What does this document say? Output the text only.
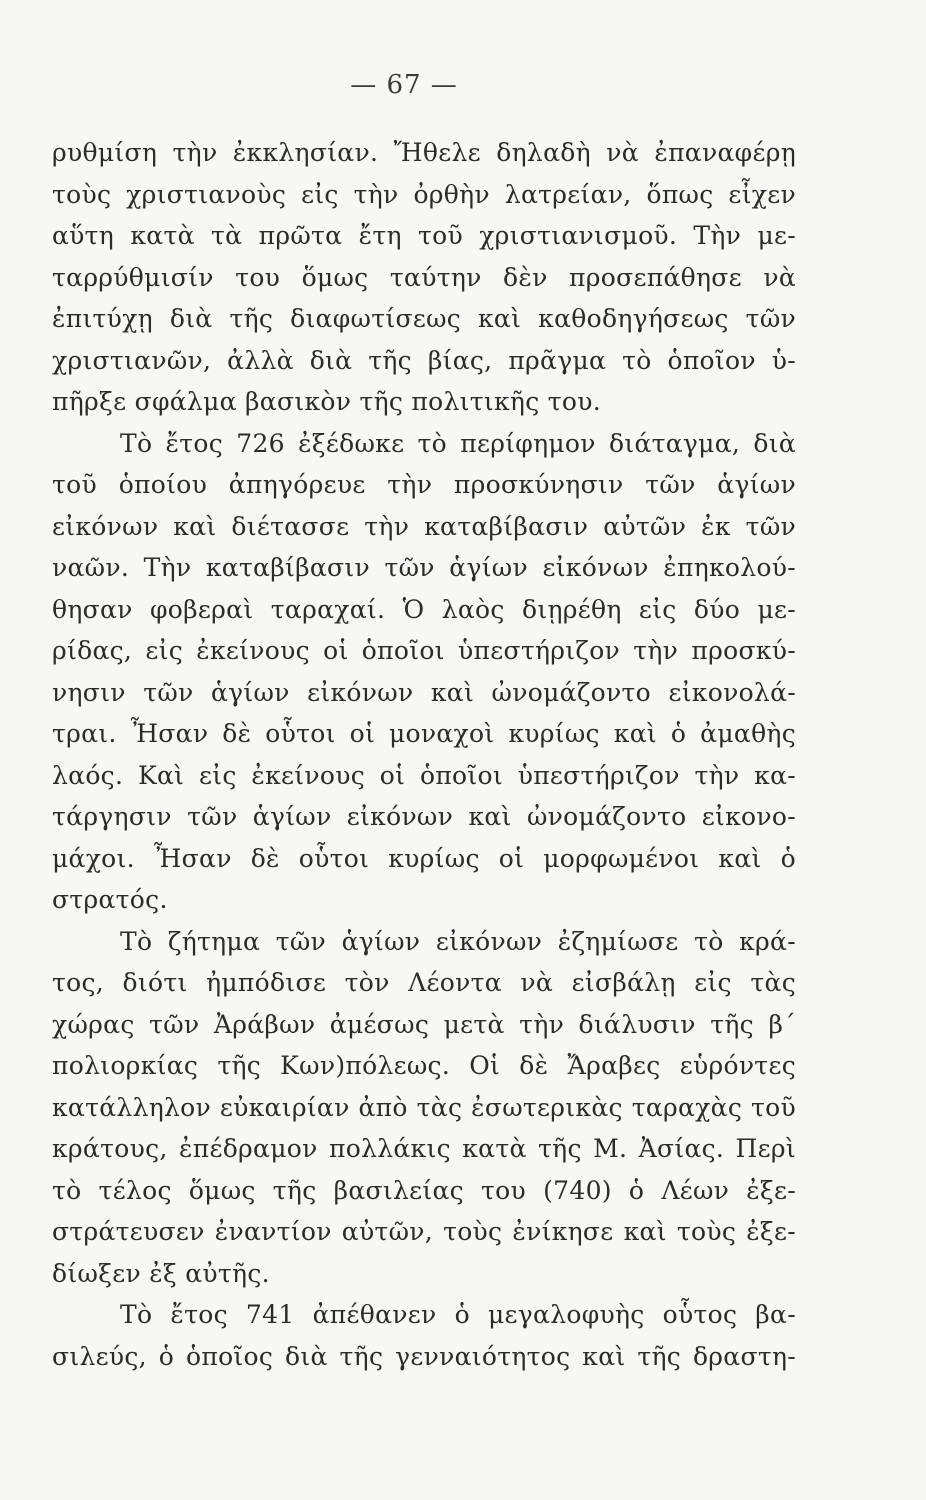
— 67 —
ρυθμίση τὴν ἐκκλησίαν. Ἤθελε δηλαδὴ νὰ ἐπαναφέρῃ
τοὺς χριστιανοὺς εἰς τὴν ὀρθὴν λατρείαν, ὅπως εἶχεν
αὕτη κατὰ τὰ πρῶτα ἔτη τοῦ χριστιανισμοῦ. Τὴν με-
ταρρύθμισίν του ὅμως ταύτην δὲν προσεπάθησε νὰ
ἐπιτύχῃ διὰ τῆς διαφωτίσεως καὶ καθοδηγήσεως τῶν
χριστιανῶν, ἀλλὰ διὰ τῆς βίας, πρᾶγμα τὸ ὁποῖον ὑ-
πῆρξε σφάλμα βασικὸν τῆς πολιτικῆς του.
Τὸ ἔτος 726 ἐξέδωκε τὸ περίφημον διάταγμα, διὰ
τοῦ ὁποίου ἀπηγόρευε τὴν προσκύνησιν τῶν ἁγίων
εἰκόνων καὶ διέτασσε τὴν καταβίβασιν αὐτῶν ἐκ τῶν
ναῶν. Τὴν καταβίβασιν τῶν ἁγίων εἰκόνων ἐπηκολού-
θησαν φοβεραὶ ταραχαί. Ὁ λαὸς διῃρέθη εἰς δύο με-
ρίδας, εἰς ἐκείνους οἱ ὁποῖοι ὑπεστήριζον τὴν προσκύ-
νησιν τῶν ἁγίων εἰκόνων καὶ ὠνομάζοντο εἰκονολά-
τραι. Ἦσαν δὲ οὗτοι οἱ μοναχοὶ κυρίως καὶ ὁ ἀμαθὴς
λαός. Καὶ εἰς ἐκείνους οἱ ὁποῖοι ὑπεστήριζον τὴν κα-
τάργησιν τῶν ἁγίων εἰκόνων καὶ ὠνομάζοντο εἰκονο-
μάχοι. Ἦσαν δὲ οὗτοι κυρίως οἱ μορφωμένοι καὶ ὁ
στρατός.
Τὸ ζήτημα τῶν ἁγίων εἰκόνων ἐζημίωσε τὸ κρά-
τος, διότι ἠμπόδισε τὸν Λέοντα νὰ εἰσβάλῃ εἰς τὰς
χώρας τῶν Ἀράβων ἀμέσως μετὰ τὴν διάλυσιν τῆς β΄
πολιορκίας τῆς Κων)πόλεως. Οἱ δὲ Ἄραβες εὑρόντες
κατάλληλον εὐκαιρίαν ἀπὸ τὰς ἐσωτερικὰς ταραχὰς τοῦ
κράτους, ἐπέδραμον πολλάκις κατὰ τῆς Μ. Ἀσίας. Περὶ
τὸ τέλος ὅμως τῆς βασιλείας του (740) ὁ Λέων ἐξε-
στράτευσεν ἐναντίον αὐτῶν, τοὺς ἐνίκησε καὶ τοὺς ἐξε-
δίωξεν ἐξ αὐτῆς.
Τὸ ἔτος 741 ἀπέθανεν ὁ μεγαλοφυὴς οὗτος βα-
σιλεύς, ὁ ὁποῖος διὰ τῆς γενναιότητος καὶ τῆς δραστη-
